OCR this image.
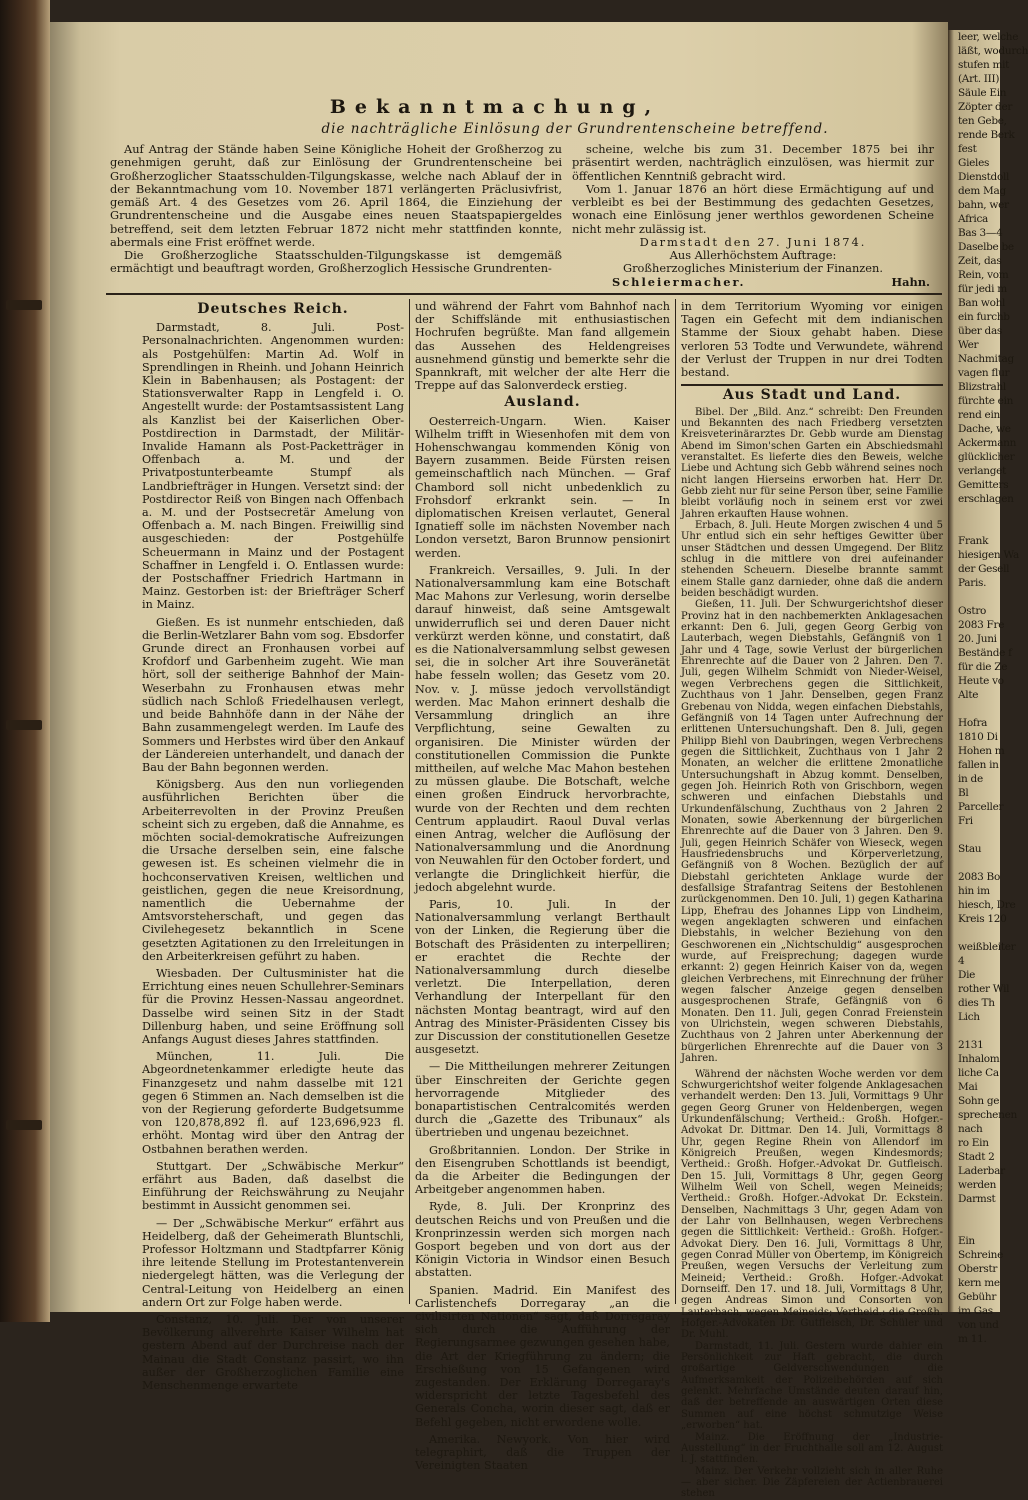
Bekanntmachung,
die nachträgliche Einlösung der Grundrentenscheine betreffend.

Auf Antrag der Stände haben Seine Königliche Hoheit der Großherzog zu genehmigen geruht, daß zur Einlösung der Grundrentenscheine bei Großherzoglicher Staatsschulden-Tilgungskasse, welche nach Ablauf der in der Bekanntmachung vom 10. November 1871 verlängerten Präclusivfrist, gemäß Art. 4 des Gesetzes vom 26. April 1864, die Einziehung der Grundrentenscheine und die Ausgabe eines neuen Staatspapiergeldes betreffend, seit dem letzten Februar 1872 nicht mehr stattfinden konnte, abermals eine Frist eröffnet werde.

Die Großherzogliche Staatsschulden-Tilgungskasse ist demgemäß ermächtigt und beauftragt worden, Großherzoglich Hessische Grundrenten-

scheine, welche bis zum 31. December 1875 bei ihr präsentirt werden, nachträglich einzulösen, was hiermit zur öffentlichen Kenntniß gebracht wird.

Vom 1. Januar 1876 an hört diese Ermächtigung auf und verbleibt es bei der Bestimmung des gedachten Gesetzes, wonach eine Einlösung jener werthlos gewordenen Scheine nicht mehr zulässig ist.

Darmstadt den 27. Juni 1874.

Aus Allerhöchstem Auftrage:

Großherzogliches Ministerium der Finanzen.

Schleiermacher.	Hahn.
Deutsches Reich.

Darmstadt, 8. Juli. Post-Personalnachrichten. Angenommen wurden: als Postgehülfen: Martin Ad. Wolf in Sprendlingen in Rheinh. und Johann Heinrich Klein in Babenhausen; als Postagent: der Stationsverwalter Rapp in Lengfeld i. O. Angestellt wurde: der Postamtsassistent Lang als Kanzlist bei der Kaiserlichen Ober-Postdirection in Darmstadt, der Militär-Invalide Hamann als Post-Packetträger in Offenbach a. M. und der Privatpostunterbeamte Stumpf als Landbriefträger in Hungen. Versetzt sind: der Postdirector Reiß von Bingen nach Offenbach a. M. und der Postsecretär Amelung von Offenbach a. M. nach Bingen. Freiwillig sind ausgeschieden: der Postgehülfe Scheuermann in Mainz und der Postagent Schaffner in Lengfeld i. O. Entlassen wurde: der Postschaffner Friedrich Hartmann in Mainz. Gestorben ist: der Briefträger Scherf in Mainz.

Gießen. Es ist nunmehr entschieden, daß die Berlin-Wetzlarer Bahn vom sog. Ebsdorfer Grunde direct an Fronhausen vorbei auf Krofdorf und Garbenheim zugeht. Wie man hört, soll der seitherige Bahnhof der Main-Weserbahn zu Fronhausen etwas mehr südlich nach Schloß Friedelhausen verlegt, und beide Bahnhöfe dann in der Nähe der Bahn zusammengelegt werden. Im Laufe des Sommers und Herbstes wird über den Ankauf der Ländereien unterhandelt, und danach der Bau der Bahn begonnen werden.

Königsberg. Aus den nun vorliegenden ausführlichen Berichten über die Arbeiterrevolten in der Provinz Preußen scheint sich zu ergeben, daß die Annahme, es möchten social-demokratische Aufreizungen die Ursache derselben sein, eine falsche gewesen ist. Es scheinen vielmehr die in hochconservativen Kreisen, weltlichen und geistlichen, gegen die neue Kreisordnung, namentlich die Uebernahme der Amtsvorsteherschaft, und gegen das Civilehegesetz bekanntlich in Scene gesetzten Agitationen zu den Irreleitungen in den Arbeiterkreisen geführt zu haben.

Wiesbaden. Der Cultusminister hat die Errichtung eines neuen Schullehrer-Seminars für die Provinz Hessen-Nassau angeordnet. Dasselbe wird seinen Sitz in der Stadt Dillenburg haben, und seine Eröffnung soll Anfangs August dieses Jahres stattfinden.

München, 11. Juli. Die Abgeordnetenkammer erledigte heute das Finanzgesetz und nahm dasselbe mit 121 gegen 6 Stimmen an. Nach demselben ist die von der Regierung geforderte Budgetsumme von 120,878,892 fl. auf 123,696,923 fl. erhöht. Montag wird über den Antrag der Ostbahnen berathen werden.

Stuttgart. Der „Schwäbische Merkur“ erfährt aus Baden, daß daselbst die Einführung der Reichswährung zu Neujahr bestimmt in Aussicht genommen sei.

— Der „Schwäbische Merkur“ erfährt aus Heidelberg, daß der Geheimerath Bluntschli, Professor Holtzmann und Stadtpfarrer König ihre leitende Stellung im Protestantenverein niedergelegt hätten, was die Verlegung der Central-Leitung von Heidelberg an einen andern Ort zur Folge haben werde.

Constanz, 10. Juli. Der von unserer Bevölkerung allverehrte Kaiser Wilhelm hat gestern Abend auf der Durchreise nach der Mainau die Stadt Constanz passirt, wo ihn außer der Großherzoglichen Familie eine Menschenmenge erwartete

und während der Fahrt vom Bahnhof nach der Schiffslände mit enthusiastischen Hochrufen begrüßte. Man fand allgemein das Aussehen des Heldengreises ausnehmend günstig und bemerkte sehr die Spannkraft, mit welcher der alte Herr die Treppe auf das Salonverdeck erstieg.

Ausland.

Oesterreich-Ungarn. Wien. Kaiser Wilhelm trifft in Wiesenhofen mit dem von Hohenschwangau kommenden König von Bayern zusammen. Beide Fürsten reisen gemeinschaftlich nach München. — Graf Chambord soll nicht unbedenklich zu Frohsdorf erkrankt sein. — In diplomatischen Kreisen verlautet, General Ignatieff solle im nächsten November nach London versetzt, Baron Brunnow pensionirt werden.

Frankreich. Versailles, 9. Juli. In der Nationalversammlung kam eine Botschaft Mac Mahons zur Verlesung, worin derselbe darauf hinweist, daß seine Amtsgewalt unwiderruflich sei und deren Dauer nicht verkürzt werden könne, und constatirt, daß es die Nationalversammlung selbst gewesen sei, die in solcher Art ihre Souveränetät habe fesseln wollen; das Gesetz vom 20. Nov. v. J. müsse jedoch vervollständigt werden. Mac Mahon erinnert deshalb die Versammlung dringlich an ihre Verpflichtung, seine Gewalten zu organisiren. Die Minister würden der constitutionellen Commission die Punkte mittheilen, auf welche Mac Mahon bestehen zu müssen glaube. Die Botschaft, welche einen großen Eindruck hervorbrachte, wurde von der Rechten und dem rechten Centrum applaudirt. Raoul Duval verlas einen Antrag, welcher die Auflösung der Nationalversammlung und die Anordnung von Neuwahlen für den October fordert, und verlangte die Dringlichkeit hierfür, die jedoch abgelehnt wurde.

Paris, 10. Juli. In der Nationalversammlung verlangt Berthault von der Linken, die Regierung über die Botschaft des Präsidenten zu interpelliren; er erachtet die Rechte der Nationalversammlung durch dieselbe verletzt. Die Interpellation, deren Verhandlung der Interpellant für den nächsten Montag beantragt, wird auf den Antrag des Minister-Präsidenten Cissey bis zur Discussion der constitutionellen Gesetze ausgesetzt.

— Die Mittheilungen mehrerer Zeitungen über Einschreiten der Gerichte gegen hervorragende Mitglieder des bonapartistischen Centralcomités werden durch die „Gazette des Tribunaux“ als übertrieben und ungenau bezeichnet.

Großbritannien. London. Der Strike in den Eisengruben Schottlands ist beendigt, da die Arbeiter die Bedingungen der Arbeitgeber angenommen haben.

Ryde, 8. Juli. Der Kronprinz des deutschen Reichs und von Preußen und die Kronprinzessin werden sich morgen nach Gosport begeben und von dort aus der Königin Victoria in Windsor einen Besuch abstatten.

Spanien. Madrid. Ein Manifest des Carlistenchefs Dorregaray „an die civilisirten Nationen“ sagt, daß Dorregaray sich durch die Aufführung der Regierungsarmee gezwungen gesehen habe, die Art der Kriegführung zu ändern; die Erschießung von 15 Gefangenen wird zugestanden. Der Erklärung Dorregaray's widerspricht der letzte Tagesbefehl des Generals Concha, worin dieser sagt, daß er Befehl gegeben, nicht erwordene wolle.

Amerika. Newyork. Von hier wird telegraphirt, daß die Truppen der Vereinigten Staaten

in dem Territorium Wyoming vor einigen Tagen ein Gefecht mit dem indianischen Stamme der Sioux gehabt haben. Diese verloren 53 Todte und Verwundete, während der Verlust der Truppen in nur drei Todten bestand.

Aus Stadt und Land.

Bibel. Der „Bild. Anz.“ schreibt: Den Freunden und Bekannten des nach Friedberg versetzten Kreisveterinärarztes Dr. Gebb wurde am Dienstag Abend im Simon'schen Garten ein Abschiedsmahl veranstaltet. Es lieferte dies den Beweis, welche Liebe und Achtung sich Gebb während seines noch nicht langen Hierseins erworben hat. Herr Dr. Gebb zieht nur für seine Person über, seine Familie bleibt vorläufig noch in seinem erst vor zwei Jahren erkauften Hause wohnen.

Erbach, 8. Juli. Heute Morgen zwischen 4 und 5 Uhr entlud sich ein sehr heftiges Gewitter über unser Städtchen und dessen Umgegend. Der Blitz schlug in die mittlere von drei aufeinander stehenden Scheuern. Dieselbe brannte sammt einem Stalle ganz darnieder, ohne daß die andern beiden beschädigt wurden.

Gießen, 11. Juli. Der Schwurgerichtshof dieser Provinz hat in den nachbemerkten Anklagesachen erkannt: Den 6. Juli, gegen Georg Gerbig von Lauterbach, wegen Diebstahls, Gefängniß von 1 Jahr und 4 Tage, sowie Verlust der bürgerlichen Ehrenrechte auf die Dauer von 2 Jahren. Den 7. Juli, gegen Wilhelm Schmidt von Nieder-Weisel, wegen Verbrechens gegen die Sittlichkeit, Zuchthaus von 1 Jahr. Denselben, gegen Franz Grebenau von Nidda, wegen einfachen Diebstahls, Gefängniß von 14 Tagen unter Aufrechnung der erlittenen Untersuchungshaft. Den 8. Juli, gegen Philipp Biehl von Daubringen, wegen Verbrechens gegen die Sittlichkeit, Zuchthaus von 1 Jahr 2 Monaten, an welcher die erlittene 2monatliche Untersuchungshaft in Abzug kommt. Denselben, gegen Joh. Heinrich Roth von Grischborn, wegen schweren und einfachen Diebstahls und Urkundenfälschung, Zuchthaus von 2 Jahren 2 Monaten, sowie Aberkennung der bürgerlichen Ehrenrechte auf die Dauer von 3 Jahren. Den 9. Juli, gegen Heinrich Schäfer von Wieseck, wegen Hausfriedensbruchs und Körperverletzung, Gefängniß von 8 Wochen. Bezüglich der auf Diebstahl gerichteten Anklage wurde der desfallsige Strafantrag Seitens der Bestohlenen zurückgenommen. Den 10. Juli, 1) gegen Katharina Lipp, Ehefrau des Johannes Lipp von Lindheim, wegen angeklagten schweren und einfachen Diebstahls, in welcher Beziehung von den Geschworenen ein „Nichtschuldig“ ausgesprochen wurde, auf Freisprechung; dagegen wurde erkannt: 2) gegen Heinrich Kaiser von da, wegen gleichen Verbrechens, mit Einrechnung der früher wegen falscher Anzeige gegen denselben ausgesprochenen Strafe, Gefängniß von 6 Monaten. Den 11. Juli, gegen Conrad Freienstein von Ulrichstein, wegen schweren Diebstahls, Zuchthaus von 2 Jahren unter Aberkennung der bürgerlichen Ehrenrechte auf die Dauer von 3 Jahren.

Während der nächsten Woche werden vor dem Schwurgerichtshof weiter folgende Anklagesachen verhandelt werden: Den 13. Juli, Vormittags 9 Uhr gegen Georg Gruner von Heldenbergen, wegen Urkundenfälschung; Vertheid.: Großh. Hofger.-Advokat Dr. Dittmar. Den 14. Juli, Vormittags 8 Uhr, gegen Regine Rhein von Allendorf im Königreich Preußen, wegen Kindesmords; Vertheid.: Großh. Hofger.-Advokat Dr. Gutfleisch. Den 15. Juli, Vormittags 8 Uhr, gegen Georg Wilhelm Weil von Schell, wegen Meineids; Vertheid.: Großh. Hofger.-Advokat Dr. Eckstein. Denselben, Nachmittags 3 Uhr, gegen Adam von der Lahr von Bellnhausen, wegen Verbrechens gegen die Sittlichkeit: Vertheid.: Großh. Hofger.-Advokat Diery. Den 16. Juli, Vormittags 8 Uhr, gegen Conrad Müller von Obertemp, im Königreich Preußen, wegen Versuchs der Verleitung zum Meineid; Vertheid.: Großh. Hofger.-Advokat Dornseiff. Den 17. und 18. Juli, Vormittags 8 Uhr, gegen Andreas Simon und Consorten von Lauterbach, wegen Meineids; Vertheid.: die Großh. Hofger.-Advokaten Dr. Gutfleisch, Dr. Schüler und Dr. Muhl.

Darmstadt, 11. Juli. Gestern wurde dahier ein Persönlichkeit zur Haft gebracht, die durch großartige Geldverschwendungen die Aufmerksamkeit der Polizeibehörden auf sich gelenkt. Mehrfache Umstände deuten darauf hin, daß der betreffende an auswärtigen Orten diese Summen auf eine höchst schmutzige Weise „erworben“ hat.

Mainz. Die Eröffnung der „Industrie-Ausstellung“ in der Fruchthalle soll am 12. August l. J. stattfinden.

Mainz. Der Verkehr vollzieht sich in aller Ruhe — aber sicher. Die Zäpfereien der Actienbrauerei stehen

leer, welche
läßt, wodurch
stufen mit
(Art. III)
Säule Ein
Zöpter der
ten Gebe,
rende Berk
fest
Gieles
Dienstdoll
dem Mag
bahn, wer
Africa
Bas 3—4
Daselbe be
Zeit, das
Rein, vom
für jedi m
Ban wohl
ein furchb
über das
Wer
Nachmitag
vagen flur
Blizstrahl
fürchte ein
rend ein
Dache, we
Ackermann
glücklicher
verlanget
Gemitters
erschlagen

Frank
hiesigen Wa
der Gesell
Paris.

Ostro
2083 Fre
20. Juni
Bestände f
für die Ze
Heute vo
Alte

Hofra
1810 Di
Hohen m
fallen in
in de
Bl
Parceller
Fri

Stau

2083 Bo
hin im
hiesch, Dre
Kreis 120

weißbleiter
4
Die
rother Wil
dies Th
Lich

2131
Inhalom
liche Ca
Mai
Sohn ge
sprechenen
nach
ro Ein
Stadt 2
Laderbar
werden
Darmst

Ein
Schreine
Oberstr
kern me
Gebühr
im Gas
von und
m 11.
